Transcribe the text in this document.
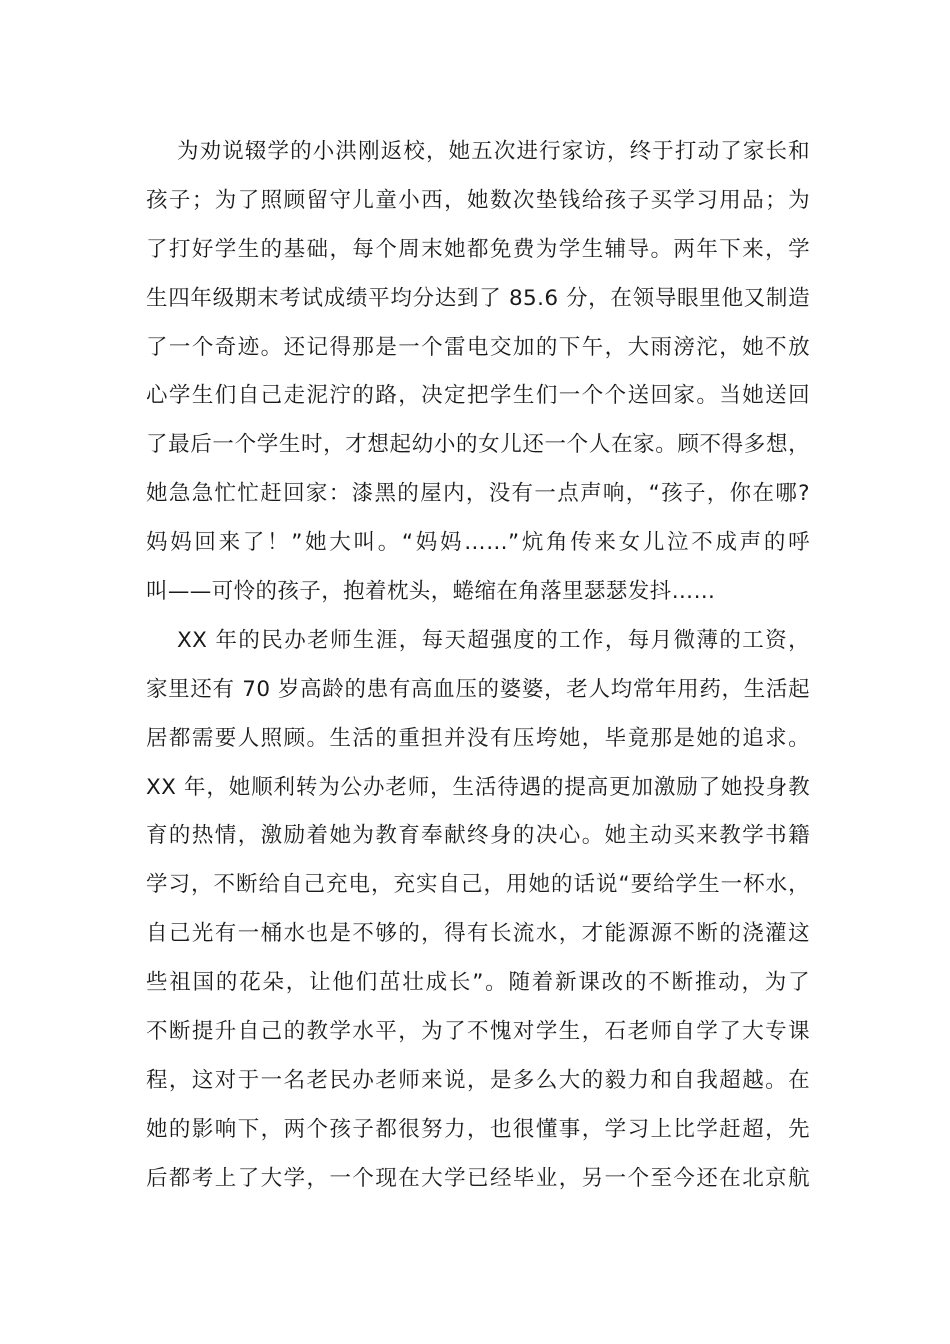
为劝说辍学的小洪刚返校，她五次进行家访，终于打动了家长和
孩子；为了照顾留守儿童小西，她数次垫钱给孩子买学习用品；为
了打好学生的基础，每个周末她都免费为学生辅导。两年下来，学
生四年级期末考试成绩平均分达到了 85.6 分，在领导眼里他又制造
了一个奇迹。还记得那是一个雷电交加的下午，大雨滂沱，她不放
心学生们自己走泥泞的路，决定把学生们一个个送回家。当她送回
了最后一个学生时，才想起幼小的女儿还一个人在家。顾不得多想，
她急急忙忙赶回家：漆黑的屋内，没有一点声响，“孩子，你在哪?
妈妈回来了！”她大叫。“妈妈……”炕角传来女儿泣不成声的呼
叫——可怜的孩子，抱着枕头，蜷缩在角落里瑟瑟发抖……
XX 年的民办老师生涯，每天超强度的工作，每月微薄的工资，
家里还有 70 岁高龄的患有高血压的婆婆，老人均常年用药，生活起
居都需要人照顾。生活的重担并没有压垮她，毕竟那是她的追求。
XX 年，她顺利转为公办老师，生活待遇的提高更加激励了她投身教
育的热情，激励着她为教育奉献终身的决心。她主动买来教学书籍
学习，不断给自己充电，充实自己，用她的话说“要给学生一杯水，
自己光有一桶水也是不够的，得有长流水，才能源源不断的浇灌这
些祖国的花朵，让他们茁壮成长”。随着新课改的不断推动，为了
不断提升自己的教学水平，为了不愧对学生，石老师自学了大专课
程，这对于一名老民办老师来说，是多么大的毅力和自我超越。在
她的影响下，两个孩子都很努力，也很懂事，学习上比学赶超，先
后都考上了大学，一个现在大学已经毕业，另一个至今还在北京航
